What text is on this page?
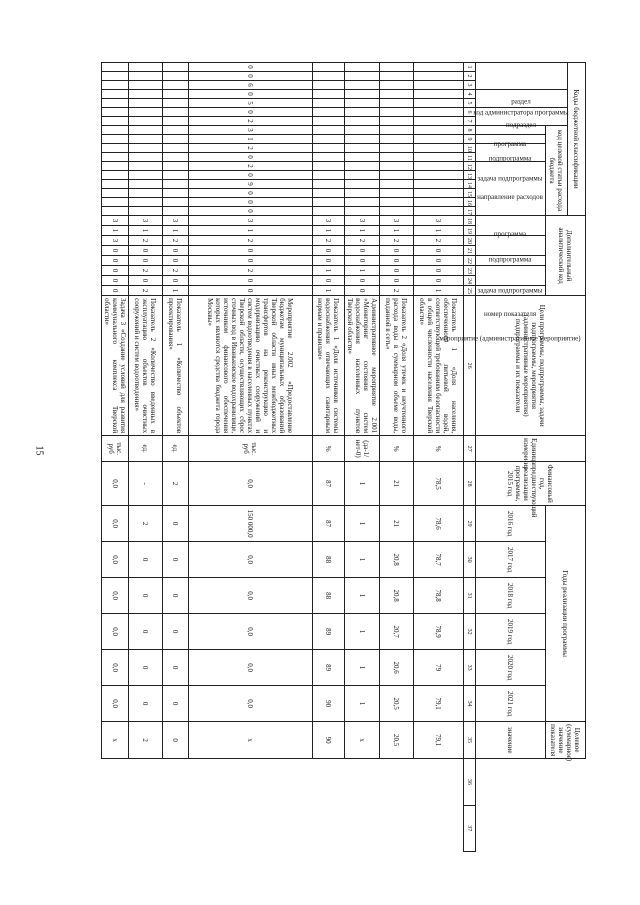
15
Коды бюджетной классификации																	Дополнительный аналитический код								Цели программы, подпрограммы, задачи подпрограммы, мероприятия (административные мероприятия) подпрограммы и их показатели	Единица измерения	Финансовый год, предшествующий реализации программы, 2015 год	Годы реализации программы						Целевое (суммарное) значение показателя		
код администратора программы			раздел		подраздел		код целевой статьи расхода бюджета																													
							программа	подпрограмма	задача подпрограммы		направление расходов						программа		подпрограмма		задача подпрограммы	мероприятие (административное мероприятие)		номер показателя				2016 год	2017 год	2018 год	2019 год	2020 год	2021 год	значение		

1	2	3	4	5	6	7	8	9	10	11	12	13	14	15	16	17	18	19	20	21	22	23	24	25	26	27	28	29	30	31	32	33	34	35	36	37
																	3	1	2	0	0	0	0	1	Показатель 1 «Доля населения, обеспеченного питьевой водой, соответствующей требованиям безопасности в общей численности населения Тверской области»	%	78,5	78,6	78,7	78,8	78,9	79	79,1	79,1		
																	3	1	2	0	0	0	0	2	Показатель 2 «Доля утечек и неучтенного расхода воды в суммарном объеме воды, поданной в сеть»	%	21	21	20,8	20,8	20,7	20,6	20,5	20,5		
																	3	1	2	0	0	1	0	0	Административное мероприятие 2.001 «Мониторинг состояния систем водоснабжения населенных пунктов Тверской области»	(да-1/ нет-0)	1	1	1	1	1	1	1	х		
																	3	1	2	0	0	1	0	1	Показатель 1 «Доля источников системы водоснабжения отвечающих санитарным нормам и правилам»	%	87	87	88	88	89	89	90	90		
0	0	6	0	5	0	2	3	1	2	0	2	0	9	0	0	0	3	1	2	0	0	2	0	0	Мероприятие 2.002 «Предоставление бюджетам муниципальных образований Тверской области иных межбюджетных трансфертов на реконструкцию и модернизацию очистных сооружений и систем водоотведения в населенных пунктах Тверской области, осуществляющих сброс сточных вод в Иваньковское водохранилище, источником финансового обеспечения которых являются средства бюджета города Москвы»	тыс. руб	0,0	150 000,0	0,0	0,0	0,0	0,0	0,0	х		
																	3	1	2	0	0	2	0	1	Показатель 1 «Количество объектов проектирования»	ед.	2	0	0	0	0	0	0	0		
																	3	1	2	0	0	2	0	2	Показатель 2 «Количество введенных в эксплуатацию объектов очистных сооружений и систем водоотведения»	ед.	-	2	0	0	0	0	0	2		
																	3	1	3	0	0	0	0	0	Задача 3 «Создание условий для развития коммунального комплекса Тверской области»	тыс. руб	0,0	0,0	0,0	0,0	0,0	0,0	0,0	х		
